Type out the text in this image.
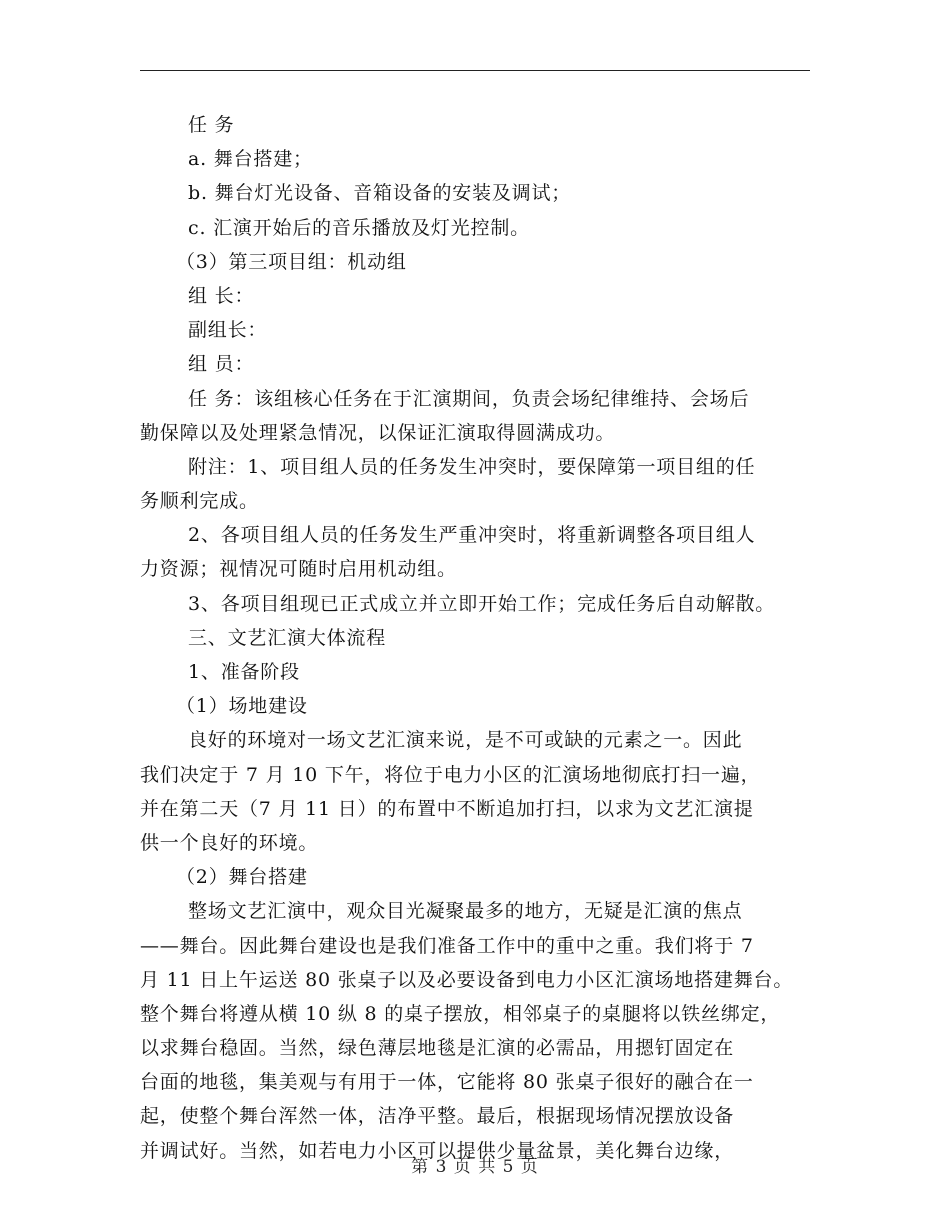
任 务
a. 舞台搭建；
b. 舞台灯光设备、音箱设备的安装及调试；
c. 汇演开始后的音乐播放及灯光控制。
（3）第三项目组：机动组
组 长：
副组长：
组 员：
任 务：该组核心任务在于汇演期间，负责会场纪律维持、会场后
勤保障以及处理紧急情况，以保证汇演取得圆满成功。
附注：1、项目组人员的任务发生冲突时，要保障第一项目组的任
务顺利完成。
2、各项目组人员的任务发生严重冲突时，将重新调整各项目组人
力资源；视情况可随时启用机动组。
3、各项目组现已正式成立并立即开始工作；完成任务后自动解散。
三、文艺汇演大体流程
1、准备阶段
（1）场地建设
良好的环境对一场文艺汇演来说，是不可或缺的元素之一。因此
我们决定于 7 月 10 下午，将位于电力小区的汇演场地彻底打扫一遍，
并在第二天（7 月 11 日）的布置中不断追加打扫，以求为文艺汇演提
供一个良好的环境。
（2）舞台搭建
整场文艺汇演中，观众目光凝聚最多的地方，无疑是汇演的焦点
——舞台。因此舞台建设也是我们准备工作中的重中之重。我们将于 7
月 11 日上午运送 80 张桌子以及必要设备到电力小区汇演场地搭建舞台。
整个舞台将遵从横 10 纵 8 的桌子摆放，相邻桌子的桌腿将以铁丝绑定，
以求舞台稳固。当然，绿色薄层地毯是汇演的必需品，用摁钉固定在
台面的地毯，集美观与有用于一体，它能将 80 张桌子很好的融合在一
起，使整个舞台浑然一体，洁净平整。最后，根据现场情况摆放设备
并调试好。当然，如若电力小区可以提供少量盆景，美化舞台边缘，
第 3 页 共 5 页
